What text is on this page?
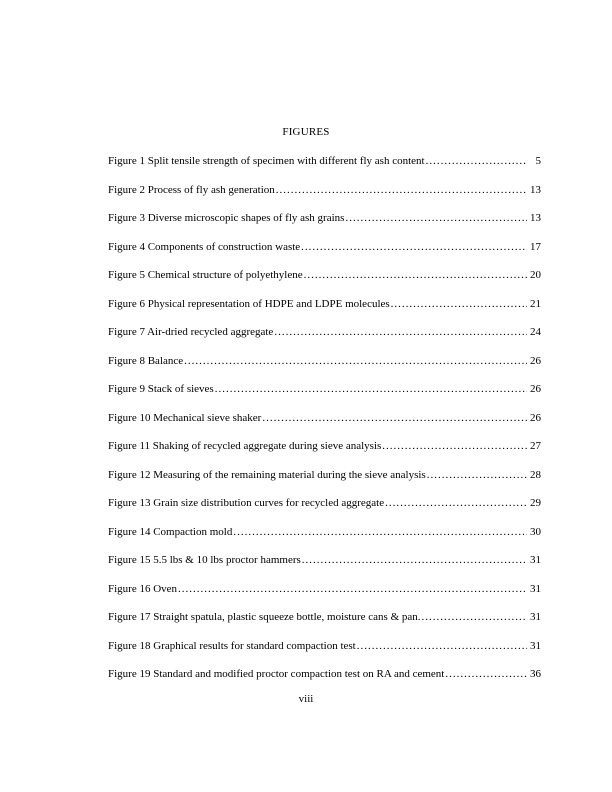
FIGURES
Figure 1 Split tensile strength of specimen with different fly ash content .....	5
Figure 2 Process of fly ash generation .....	13
Figure 3 Diverse microscopic shapes of fly ash grains .....	13
Figure 4 Components of construction waste .....	17
Figure 5 Chemical structure of polyethylene .....	20
Figure 6 Physical representation of HDPE and LDPE molecules .....	21
Figure 7 Air-dried recycled aggregate .....	24
Figure 8 Balance .....	26
Figure 9 Stack of sieves .....	26
Figure 10 Mechanical sieve shaker .....	26
Figure 11 Shaking of recycled aggregate during sieve analysis .....	27
Figure 12 Measuring of the remaining material during the sieve analysis .....	28
Figure 13 Grain size distribution curves for recycled aggregate .....	29
Figure 14 Compaction mold .....	30
Figure 15 5.5 lbs & 10 lbs proctor hammers .....	31
Figure 16 Oven .....	31
Figure 17 Straight spatula, plastic squeeze bottle, moisture cans & pan. .....	31
Figure 18 Graphical results for standard compaction test .....	31
Figure 19 Standard and modified proctor compaction test on RA and cement .....	36
viii
